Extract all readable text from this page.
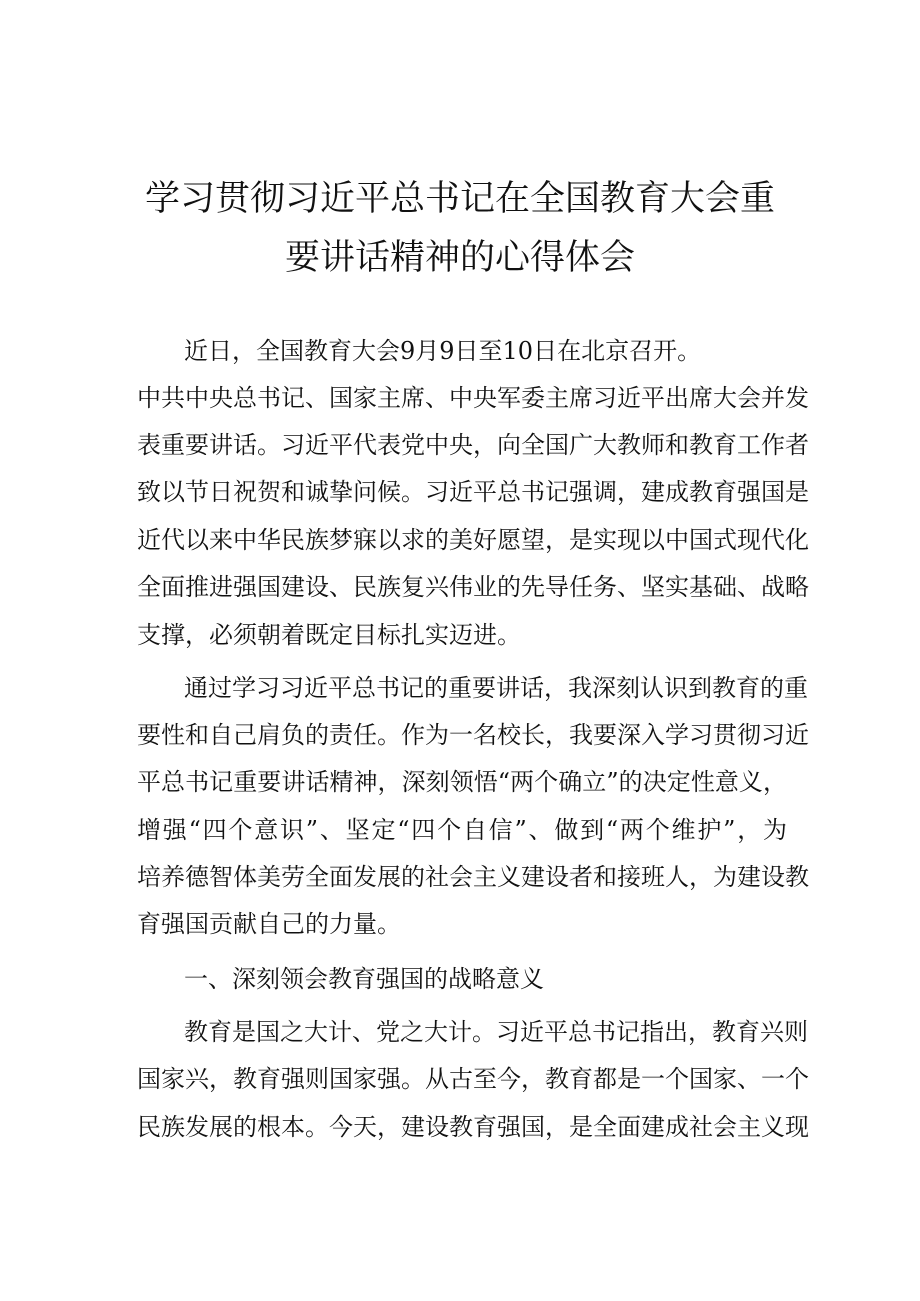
学习贯彻习近平总书记在全国教育大会重
要讲话精神的心得体会
近日，全国教育大会9月9日至10日在北京召开。
中共中央总书记、国家主席、中央军委主席习近平出席大会并发
表重要讲话。习近平代表党中央，向全国广大教师和教育工作者
致以节日祝贺和诚挚问候。习近平总书记强调，建成教育强国是
近代以来中华民族梦寐以求的美好愿望，是实现以中国式现代化
全面推进强国建设、民族复兴伟业的先导任务、坚实基础、战略
支撑，必须朝着既定目标扎实迈进。
通过学习习近平总书记的重要讲话，我深刻认识到教育的重
要性和自己肩负的责任。作为一名校长，我要深入学习贯彻习近
平总书记重要讲话精神，深刻领悟“两个确立”的决定性意义，
增强“四个意识”、坚定“四个自信”、做到“两个维护”，为
培养德智体美劳全面发展的社会主义建设者和接班人，为建设教
育强国贡献自己的力量。
一、深刻领会教育强国的战略意义
教育是国之大计、党之大计。习近平总书记指出，教育兴则
国家兴，教育强则国家强。从古至今，教育都是一个国家、一个
民族发展的根本。今天，建设教育强国，是全面建成社会主义现
